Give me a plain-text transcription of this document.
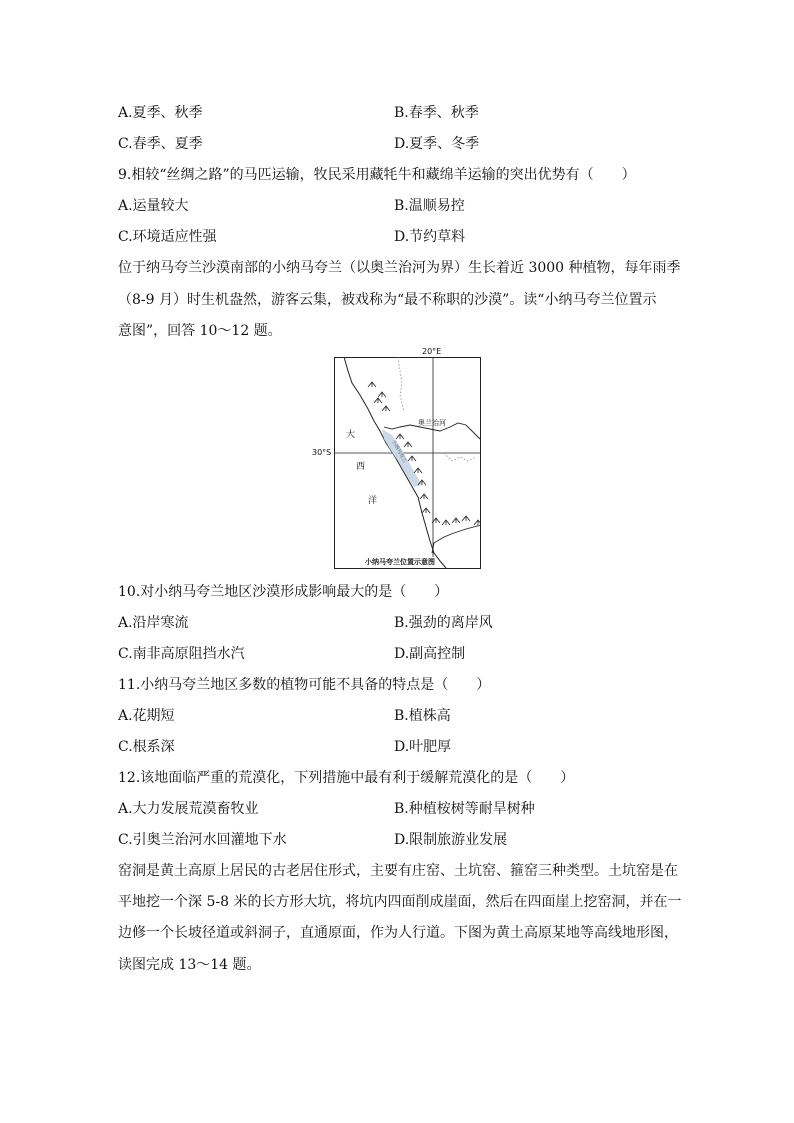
A.夏季、秋季	B.春季、秋季
C.春季、夏季	D.夏季、冬季
9.相较“丝绸之路”的马匹运输，牧民采用藏牦牛和藏绵羊运输的突出优势有（　　）
A.运量较大	B.温顺易控
C.环境适应性强	D.节约草料
位于纳马夸兰沙漠南部的小纳马夸兰（以奥兰治河为界）生长着近 3000 种植物，每年雨季
（8-9 月）时生机盎然，游客云集，被戏称为“最不称职的沙漠”。读“小纳马夸兰位置示
意图”，回答 10～12 题。
大
西
洋
奥兰治河
小纳马夸兰
小纳马夸兰位置示意图
20°E
30°S
10.对小纳马夸兰地区沙漠形成影响最大的是（　　）
A.沿岸寒流	B.强劲的离岸风
C.南非高原阻挡水汽	D.副高控制
11.小纳马夸兰地区多数的植物可能不具备的特点是（　　）
A.花期短	B.植株高
C.根系深	D.叶肥厚
12.该地面临严重的荒漠化，下列措施中最有利于缓解荒漠化的是（　　）
A.大力发展荒漠畜牧业	B.种植桉树等耐旱树种
C.引奥兰治河水回灌地下水	D.限制旅游业发展
窑洞是黄土高原上居民的古老居住形式，主要有庄窑、土坑窑、箍窑三种类型。土坑窑是在
平地挖一个深 5-8 米的长方形大坑，将坑内四面削成崖面，然后在四面崖上挖窑洞，并在一
边修一个长坡径道或斜洞子，直通原面，作为人行道。下图为黄土高原某地等高线地形图，
读图完成 13～14 题。
